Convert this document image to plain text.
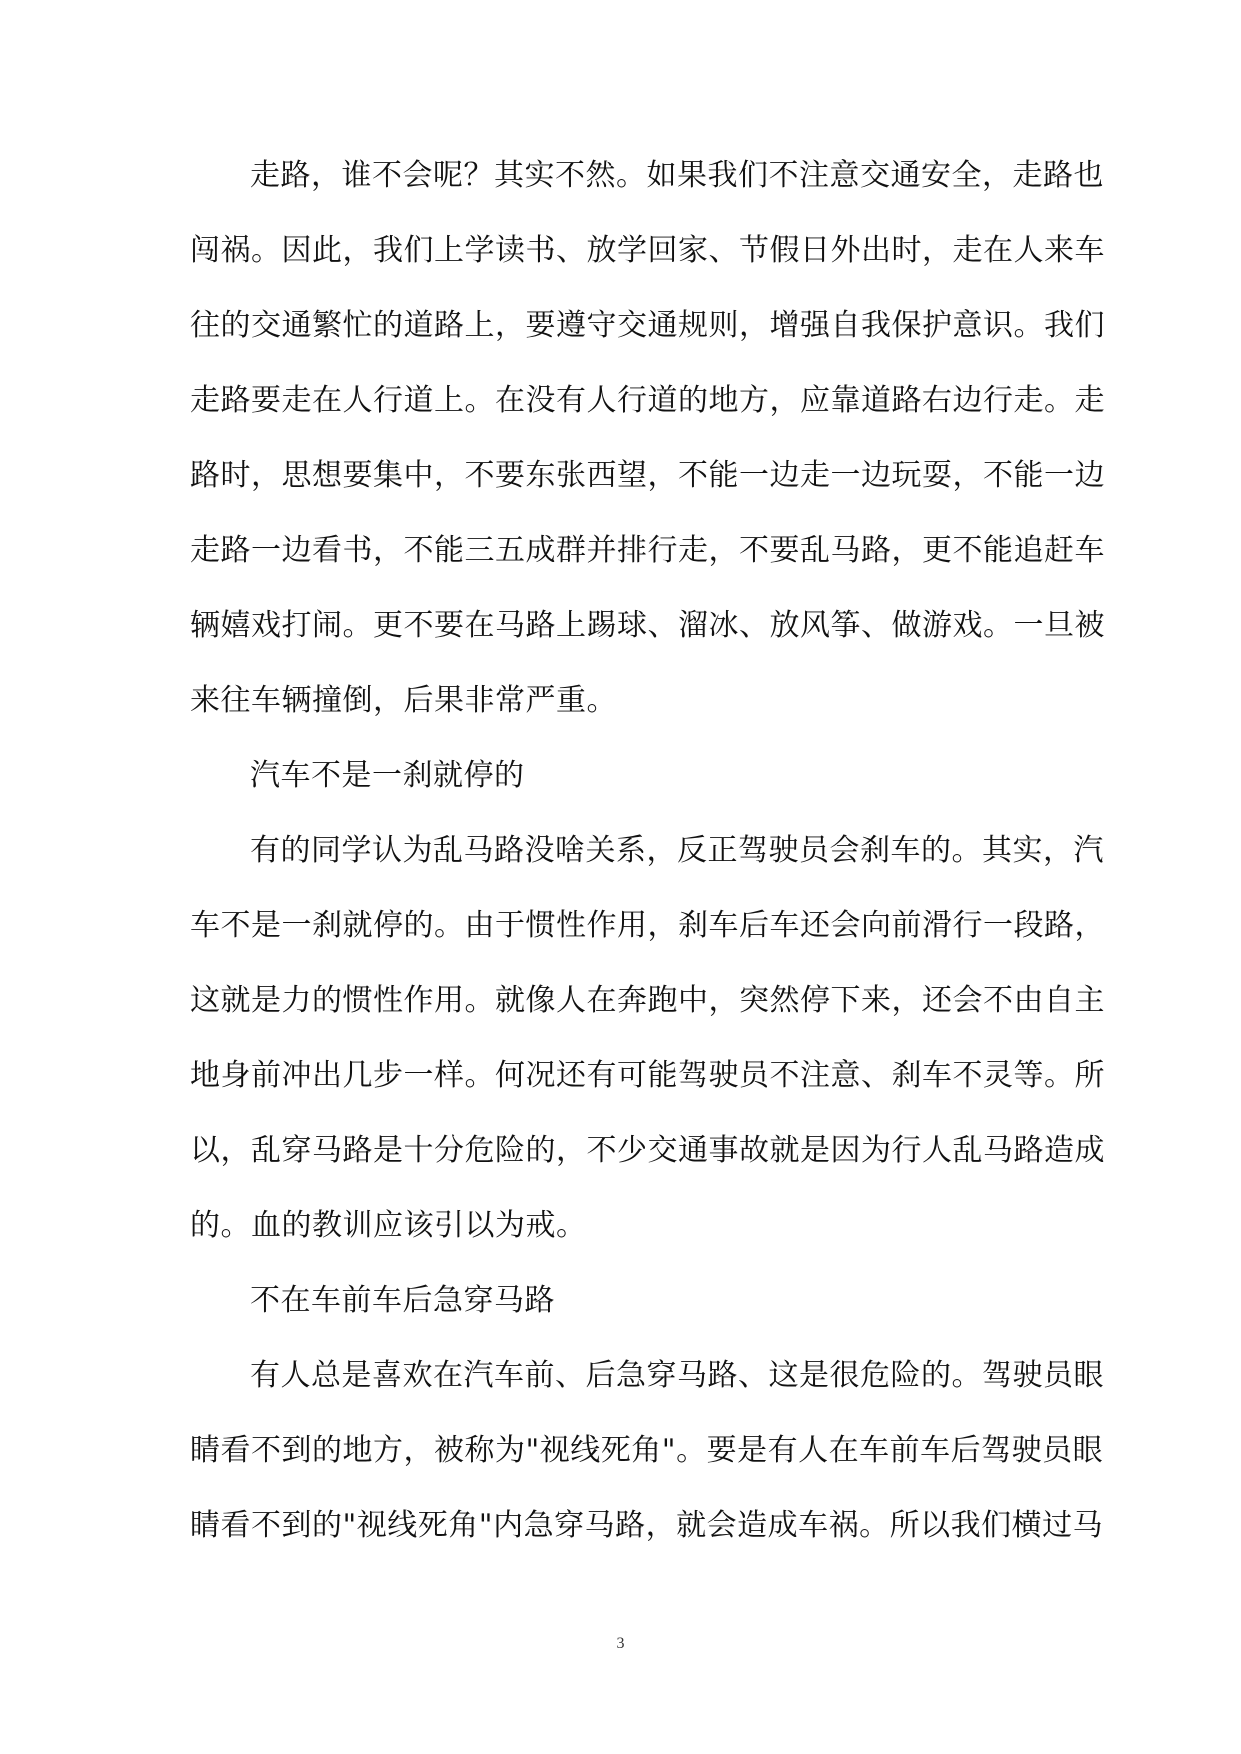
走路，谁不会呢？其实不然。如果我们不注意交通安全，走路也
闯祸。因此，我们上学读书、放学回家、节假日外出时，走在人来车
往的交通繁忙的道路上，要遵守交通规则，增强自我保护意识。我们
走路要走在人行道上。在没有人行道的地方，应靠道路右边行走。走
路时，思想要集中，不要东张西望，不能一边走一边玩耍，不能一边
走路一边看书，不能三五成群并排行走，不要乱马路，更不能追赶车
辆嬉戏打闹。更不要在马路上踢球、溜冰、放风筝、做游戏。一旦被
来往车辆撞倒，后果非常严重。
汽车不是一刹就停的
有的同学认为乱马路没啥关系，反正驾驶员会刹车的。其实，汽
车不是一刹就停的。由于惯性作用，刹车后车还会向前滑行一段路，
这就是力的惯性作用。就像人在奔跑中，突然停下来，还会不由自主
地身前冲出几步一样。何况还有可能驾驶员不注意、刹车不灵等。所
以，乱穿马路是十分危险的，不少交通事故就是因为行人乱马路造成
的。血的教训应该引以为戒。
不在车前车后急穿马路
有人总是喜欢在汽车前、后急穿马路、这是很危险的。驾驶员眼
睛看不到的地方，被称为"视线死角"。要是有人在车前车后驾驶员眼
睛看不到的"视线死角"内急穿马路，就会造成车祸。所以我们横过马
3
